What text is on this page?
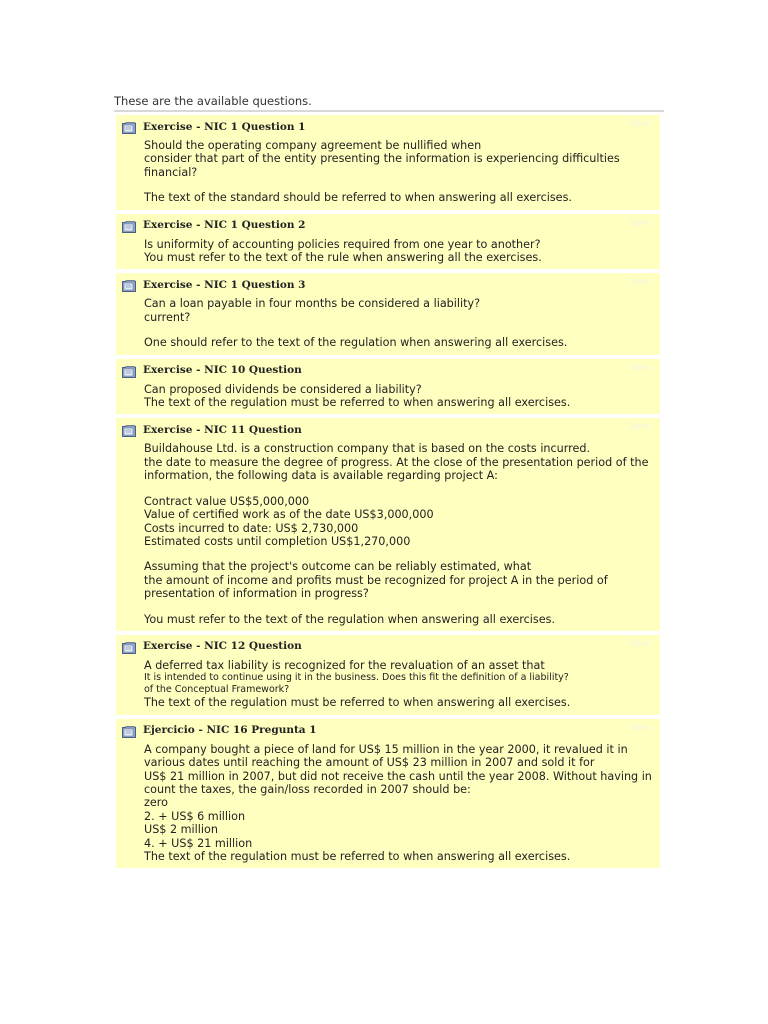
These are the available questions.
Exercise - NIC 1 Question 1	Open
Should the operating company agreement be nullified when
consider that part of the entity presenting the information is experiencing difficulties
financial?
The text of the standard should be referred to when answering all exercises.
Exercise - NIC 1 Question 2	Open
Is uniformity of accounting policies required from one year to another?
You must refer to the text of the rule when answering all the exercises.
Exercise - NIC 1 Question 3	Open
Can a loan payable in four months be considered a liability?
current?
One should refer to the text of the regulation when answering all exercises.
Exercise - NIC 10 Question	Open
Can proposed dividends be considered a liability?
The text of the regulation must be referred to when answering all exercises.
Exercise - NIC 11 Question	Open
Buildahouse Ltd. is a construction company that is based on the costs incurred.
the date to measure the degree of progress. At the close of the presentation period of the
information, the following data is available regarding project A:
Contract value US$5,000,000
Value of certified work as of the date US$3,000,000
Costs incurred to date: US$ 2,730,000
Estimated costs until completion US$1,270,000
Assuming that the project's outcome can be reliably estimated, what
the amount of income and profits must be recognized for project A in the period of
presentation of information in progress?
You must refer to the text of the regulation when answering all exercises.
Exercise - NIC 12 Question	Open
A deferred tax liability is recognized for the revaluation of an asset that
It is intended to continue using it in the business. Does this fit the definition of a liability?
of the Conceptual Framework?
The text of the regulation must be referred to when answering all exercises.
Ejercicio - NIC 16 Pregunta 1	Open
A company bought a piece of land for US$ 15 million in the year 2000, it revalued it in
various dates until reaching the amount of US$ 23 million in 2007 and sold it for
US$ 21 million in 2007, but did not receive the cash until the year 2008. Without having in
count the taxes, the gain/loss recorded in 2007 should be:
zero
2. + US$ 6 million
US$ 2 million
4. + US$ 21 million
The text of the regulation must be referred to when answering all exercises.
